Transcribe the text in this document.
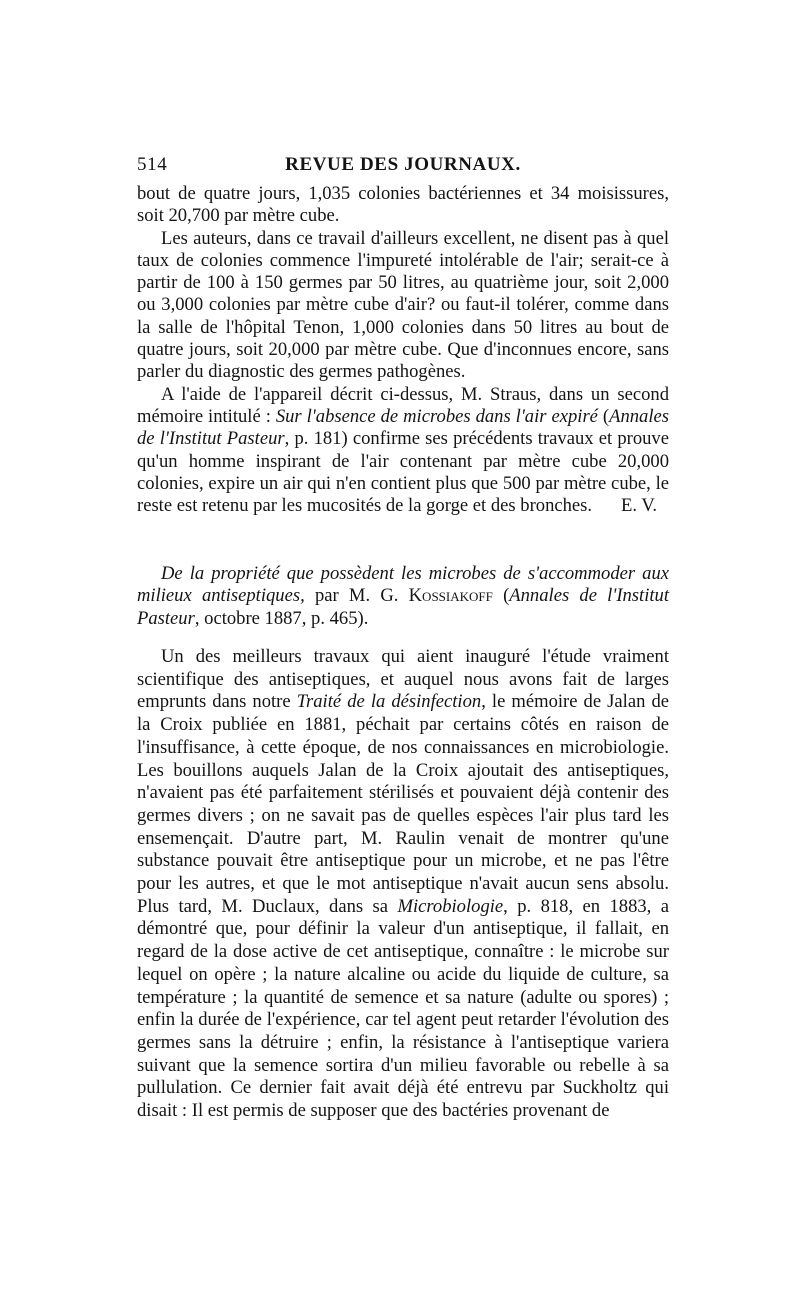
514	REVUE DES JOURNAUX.

bout de quatre jours, 1,035 colonies bactériennes et 34 moisissures, soit 20,700 par mètre cube.

Les auteurs, dans ce travail d'ailleurs excellent, ne disent pas à quel taux de colonies commence l'impureté intolérable de l'air; serait-ce à partir de 100 à 150 germes par 50 litres, au quatrième jour, soit 2,000 ou 3,000 colonies par mètre cube d'air? ou faut-il tolérer, comme dans la salle de l'hôpital Tenon, 1,000 colonies dans 50 litres au bout de quatre jours, soit 20,000 par mètre cube. Que d'inconnues encore, sans parler du diagnostic des germes pathogènes.

A l'aide de l'appareil décrit ci-dessus, M. Straus, dans un second mémoire intitulé : Sur l'absence de microbes dans l'air expiré (Annales de l'Institut Pasteur, p. 181) confirme ses précédents travaux et prouve qu'un homme inspirant de l'air contenant par mètre cube 20,000 colonies, expire un air qui n'en contient plus que 500 par mètre cube, le reste est retenu par les mucosités de la gorge et des bronches.	E. V.

De la propriété que possèdent les microbes de s'accommoder aux milieux antiseptiques, par M. G. Kossiakoff (Annales de l'Institut Pasteur, octobre 1887, p. 465).

Un des meilleurs travaux qui aient inauguré l'étude vraiment scientifique des antiseptiques, et auquel nous avons fait de larges emprunts dans notre Traité de la désinfection, le mémoire de Jalan de la Croix publiée en 1881, péchait par certains côtés en raison de l'insuffisance, à cette époque, de nos connaissances en microbiologie. Les bouillons auquels Jalan de la Croix ajoutait des antiseptiques, n'avaient pas été parfaitement stérilisés et pouvaient déjà contenir des germes divers ; on ne savait pas de quelles espèces l'air plus tard les ensemençait. D'autre part, M. Raulin venait de montrer qu'une substance pouvait être antiseptique pour un microbe, et ne pas l'être pour les autres, et que le mot antiseptique n'avait aucun sens absolu. Plus tard, M. Duclaux, dans sa Microbiologie, p. 818, en 1883, a démontré que, pour définir la valeur d'un antiseptique, il fallait, en regard de la dose active de cet antiseptique, connaître : le microbe sur lequel on opère ; la nature alcaline ou acide du liquide de culture, sa température ; la quantité de semence et sa nature (adulte ou spores) ; enfin la durée de l'expérience, car tel agent peut retarder l'évolution des germes sans la détruire ; enfin, la résistance à l'antiseptique variera suivant que la semence sortira d'un milieu favorable ou rebelle à sa pullulation. Ce dernier fait avait déjà été entrevu par Suckholtz qui disait : Il est permis de supposer que des bactéries provenant de
